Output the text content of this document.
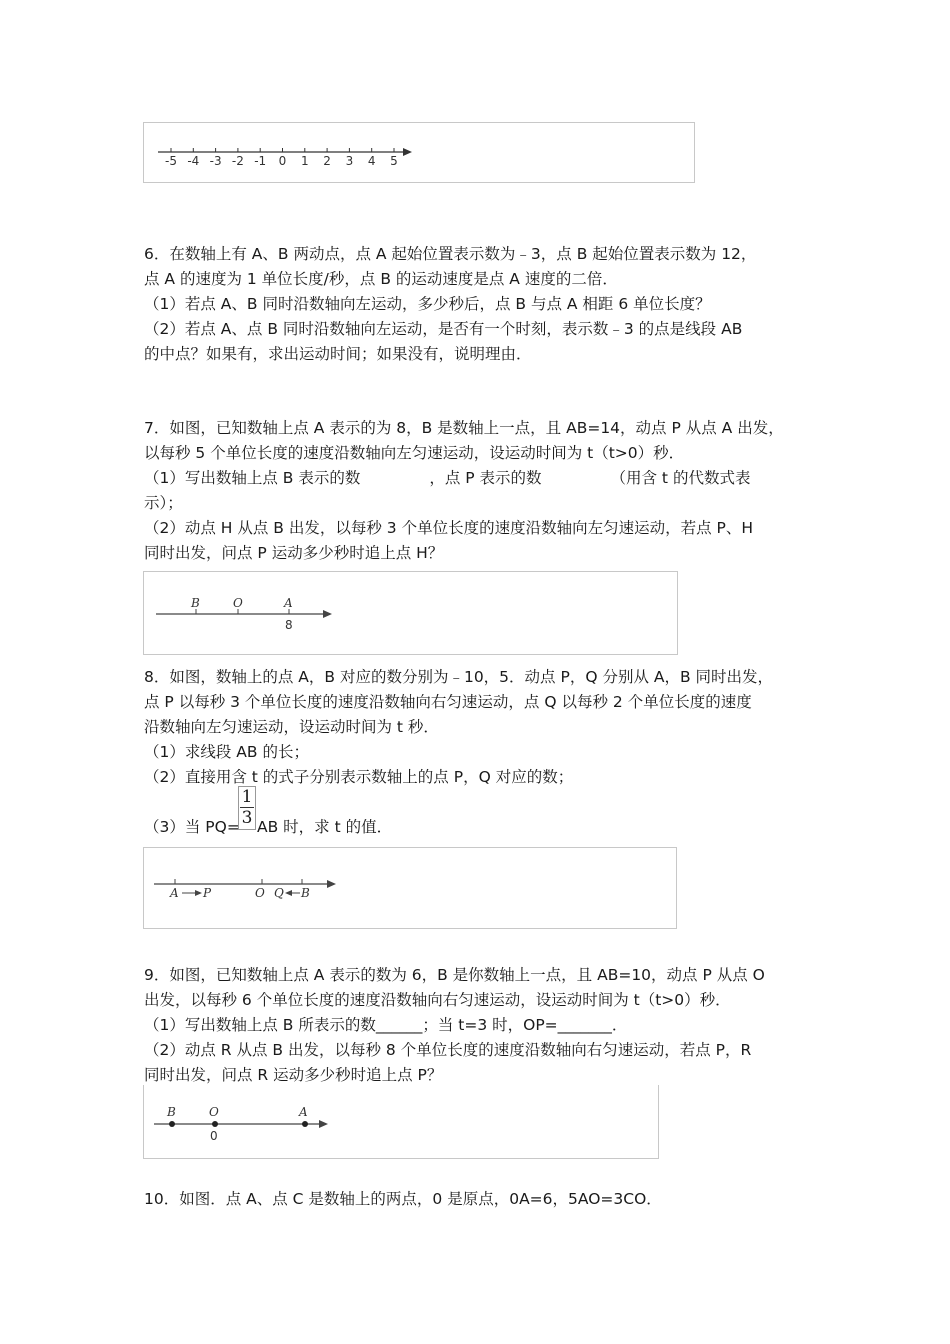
-5 -4 -3 -2 -1 0 1 2 3 4 5
6．在数轴上有 A、B 两动点，点 A 起始位置表示数为﹣3，点 B 起始位置表示数为 12，
点 A 的速度为 1 单位长度/秒，点 B 的运动速度是点 A 速度的二倍．
（1）若点 A、B 同时沿数轴向左运动，多少秒后，点 B 与点 A 相距 6 单位长度？
（2）若点 A、点 B 同时沿数轴向左运动，是否有一个时刻，表示数﹣3 的点是线段 AB
的中点？如果有，求出运动时间；如果没有，说明理由．
7．如图，已知数轴上点 A 表示的为 8，B 是数轴上一点，且 AB=14，动点 P 从点 A 出发，
以每秒 5 个单位长度的速度沿数轴向左匀速运动，设运动时间为 t（t>0）秒．
（1）写出数轴上点 B 表示的数              ，点 P 表示的数              （用含 t 的代数式表
示）；
（2）动点 H 从点 B 出发，以每秒 3 个单位长度的速度沿数轴向左匀速运动，若点 P、H
同时出发，问点 P 运动多少秒时追上点 H？
B	O	A
8
8．如图，数轴上的点 A，B 对应的数分别为﹣10，5．动点 P，Q 分别从 A，B 同时出发，
点 P 以每秒 3 个单位长度的速度沿数轴向右匀速运动，点 Q 以每秒 2 个单位长度的速度
沿数轴向左匀速运动，设运动时间为 t 秒．
（1）求线段 AB 的长；
（2）直接用含 t 的式子分别表示数轴上的点 P，Q 对应的数；
（3）当 PQ=
1
3 AB 时，求 t 的值．
A P	O Q B
9．如图，已知数轴上点 A 表示的数为 6，B 是你数轴上一点，且 AB=10，动点 P 从点 O
出发，以每秒 6 个单位长度的速度沿数轴向右匀速运动，设运动时间为 t（t>0）秒．
（1）写出数轴上点 B 所表示的数______；当 t=3 时，OP=_______．
（2）动点 R 从点 B 出发，以每秒 8 个单位长度的速度沿数轴向右匀速运动，若点 P，R
同时出发，问点 R 运动多少秒时追上点 P？
B	O	A
0
10．如图．点 A、点 C 是数轴上的两点，0 是原点，0A=6，5AO=3CO．
